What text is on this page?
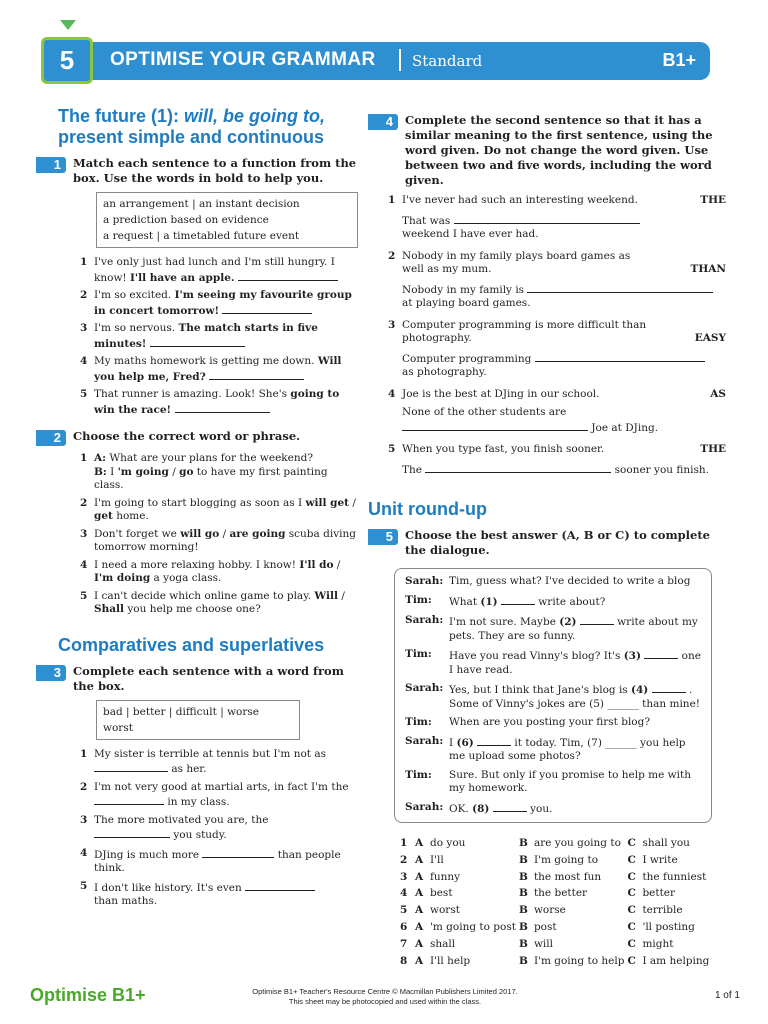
5	OPTIMISE YOUR GRAMMAR Standard	B1+
The future (1): will, be going to,
present simple and continuous
1	Match each sentence to a function from the box. Use the words in bold to help you.
an arrangement | an instant decision
a prediction based on evidence
a request | a timetabled future event
1 I've only just had lunch and I'm still hungry. I know! I'll have an apple.
2 I'm so excited. I'm seeing my favourite group in concert tomorrow!
3 I'm so nervous. The match starts in five minutes!
4 My maths homework is getting me down. Will you help me, Fred?
5 That runner is amazing. Look! She's going to win the race!
2	Choose the correct word or phrase.
1 A: What are your plans for the weekend?
B: I 'm going / go to have my first painting class.
2 I'm going to start blogging as soon as I will get / get home.
3 Don't forget we will go / are going scuba diving tomorrow morning!
4 I need a more relaxing hobby. I know! I'll do / I'm doing a yoga class.
5 I can't decide which online game to play. Will / Shall you help me choose one?
Comparatives and superlatives
3	Complete each sentence with a word from the box.
bad | better | difficult | worse
worst
1 My sister is terrible at tennis but I'm not as
as her.
2 I'm not very good at martial arts, in fact I'm the  in my class.
3 The more motivated you are, the
you study.
4 DJing is much more	than people think.
5 I don't like history. It's even
than maths.
4	Complete the second sentence so that it has a similar meaning to the first sentence, using the word given. Do not change the word given. Use between two and five words, including the word given.
1 I've never had such an interesting weekend.	THE
That was
weekend I have ever had.
2 Nobody in my family plays board games as well as my mum.	THAN
Nobody in my family is
at playing board games.
3 Computer programming is more difficult than photography.	EASY
Computer programming
as photography.
4 Joe is the best at DJing in our school.	AS
None of the other students are
Joe at DJing.
5 When you type fast, you finish sooner.	THE
The	sooner you finish.
Unit round-up
5	Choose the best answer (A, B or C) to complete the dialogue.
Sarah: Tim, guess what? I've decided to write a blog
Tim:	What (1)	write about?
Sarah: I'm not sure. Maybe (2)	write about my pets. They are so funny.
Tim:	Have you read Vinny's blog? It's (3)	one I have read.
Sarah: Yes, but I think that Jane's blog is (4)	. Some of Vinny's jokes are (5) ______ than mine!
Tim:	When are you posting your first blog?
Sarah: I (6)	it today. Tim, (7) ______ you help me upload some photos?
Tim:	Sure. But only if you promise to help me with my homework.
Sarah: OK. (8)	you.
1	A	do you	B	are you going to	C	shall you
2	A	I'll	B	I'm going to	C	I write
3	A	funny	B	the most fun	C	the funniest
4	A	best	B	the better	C	better
5	A	worst	B	worse	C	terrible
6	A	'm going to post	B	post	C	'll posting
7	A	shall	B	will	C	might
8	A	I'll help	B	I'm going to help	C	I am helping
Optimise B1+	Optimise B1+ Teacher's Resource Centre © Macmillan Publishers Limited 2017.
This sheet may be photocopied and used within the class.
1 of 1
